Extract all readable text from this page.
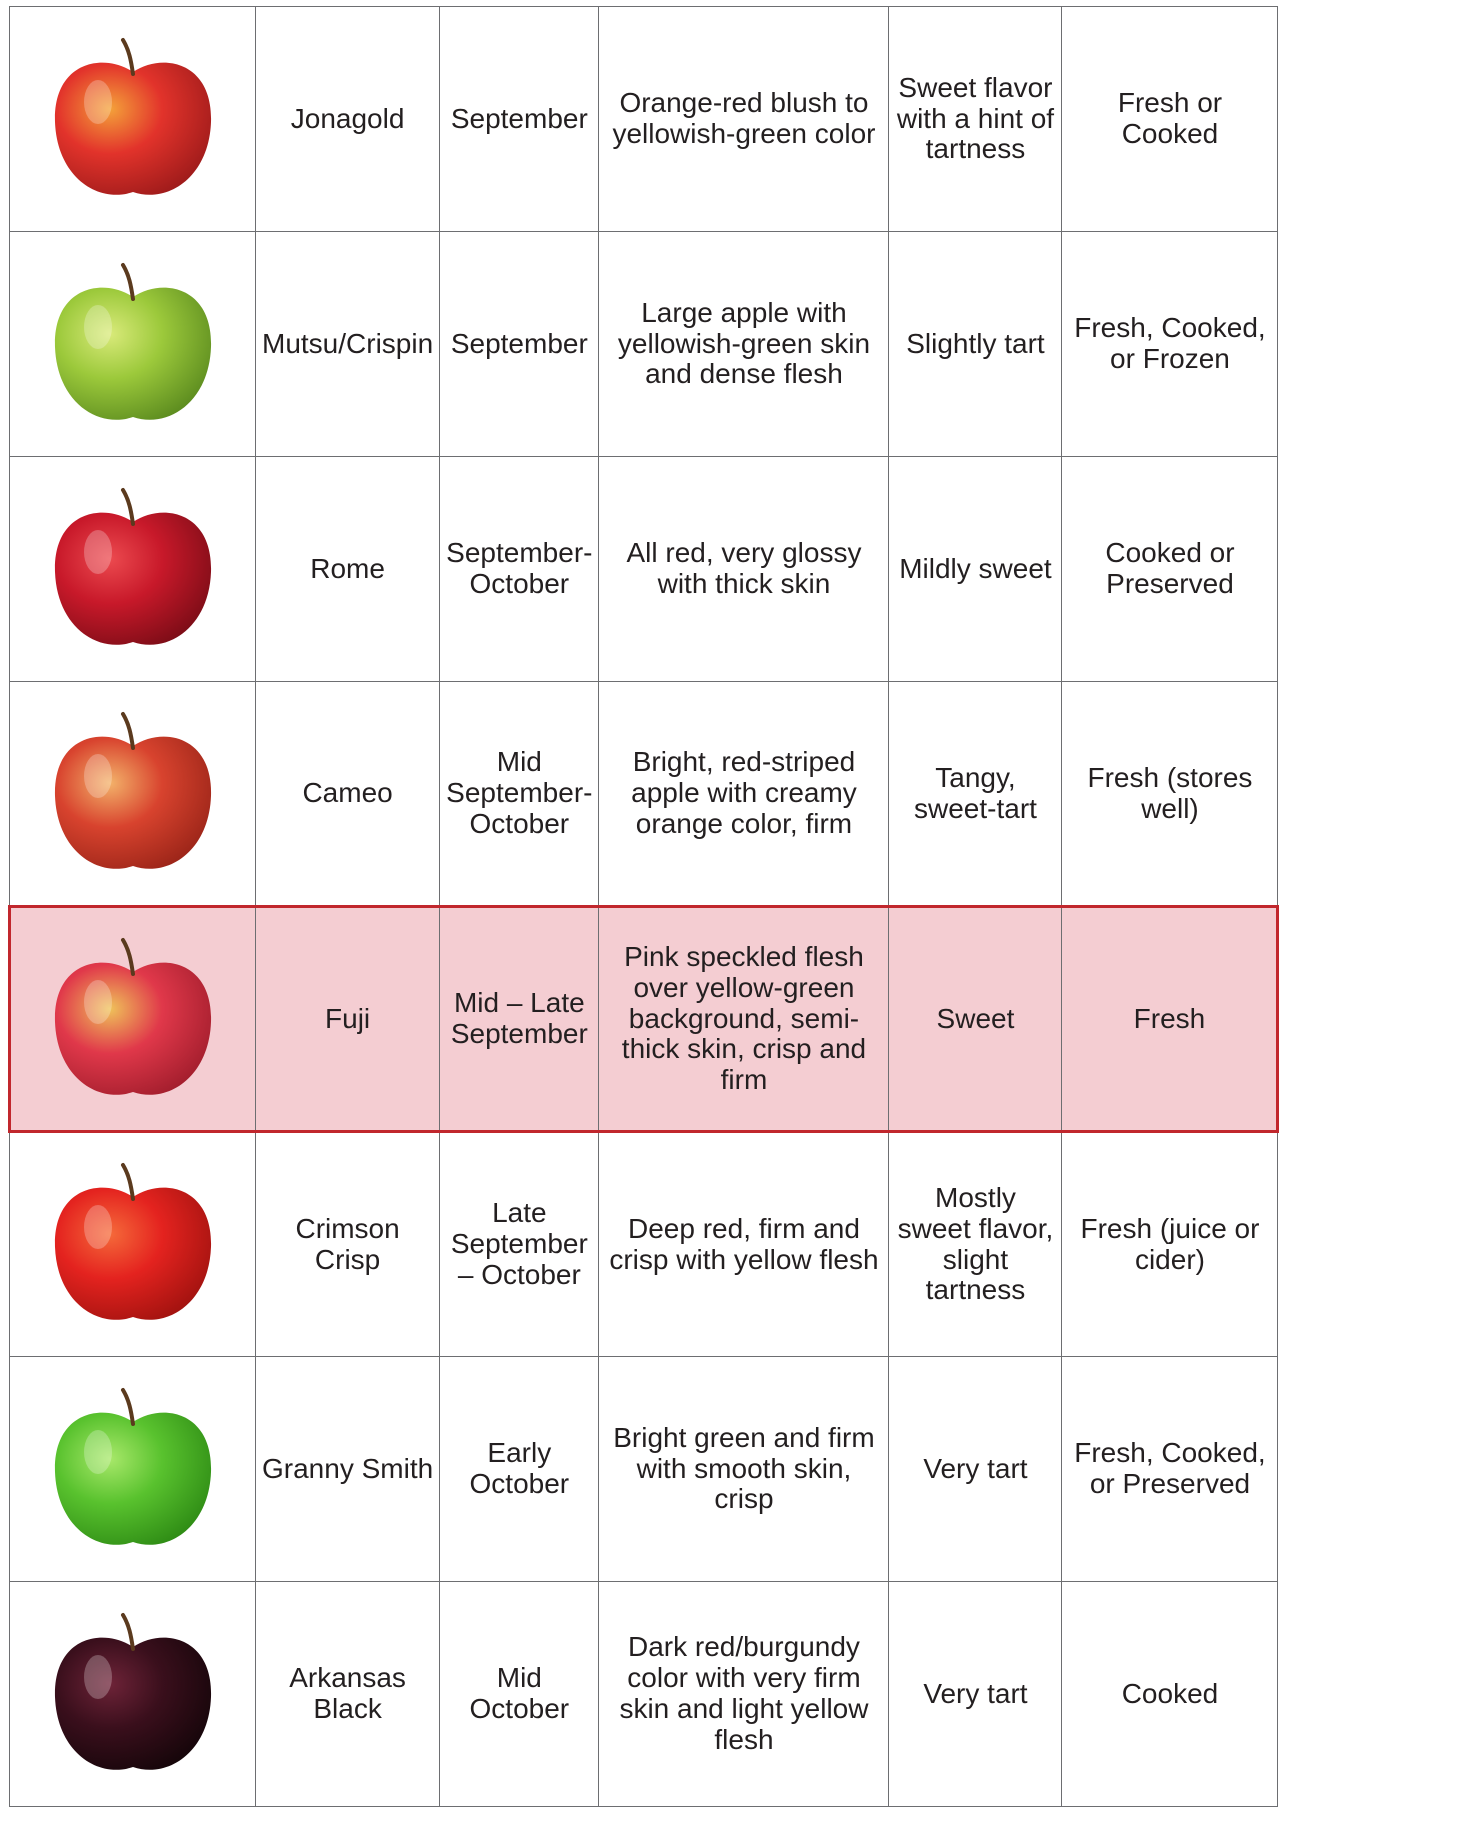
	Jonagold	September	Orange-red blush to yellowish-green color	Sweet flavor with a hint of tartness	Fresh or Cooked

	Mutsu/Crispin	September	Large apple with yellowish-green skin and dense flesh	Slightly tart	Fresh, Cooked, or Frozen

	Rome	September-October	All red, very glossy with thick skin	Mildly sweet	Cooked or Preserved

	Cameo	Mid September-October	Bright, red-striped apple with creamy orange color, firm	Tangy, sweet-tart	Fresh (stores well)

	Fuji	Mid – Late September	Pink speckled flesh over yellow-green background, semi-thick skin, crisp and firm	Sweet	Fresh

	Crimson Crisp	Late September – October	Deep red, firm and crisp with yellow flesh	Mostly sweet flavor, slight tartness	Fresh (juice or cider)

	Granny Smith	Early October	Bright green and firm with smooth skin, crisp	Very tart	Fresh, Cooked, or Preserved

	Arkansas Black	Mid October	Dark red/burgundy color with very firm skin and light yellow flesh	Very tart	Cooked
